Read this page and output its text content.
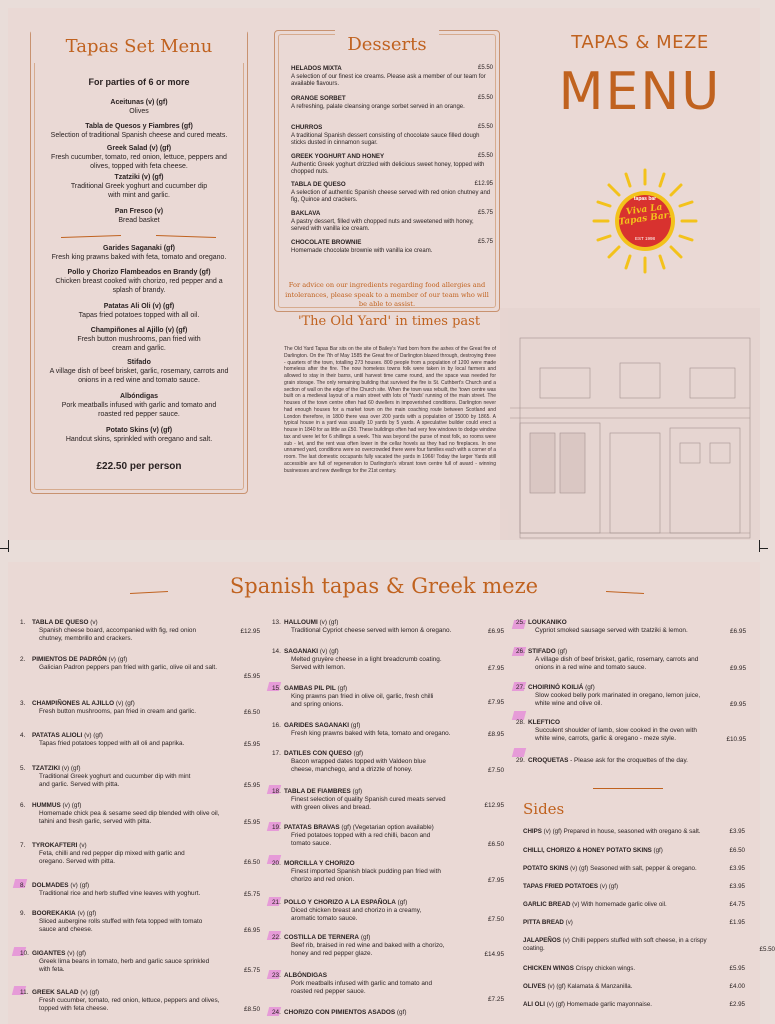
Tapas Set Menu
For parties of 6 or more
Aceitunas (v) (gf)
Olives
Tabla de Quesos y Fiambres (gf)
Selection of traditional Spanish cheese and cured meats.
Greek Salad (v) (gf)
Fresh cucumber, tomato, red onion, lettuce, peppers and olives, topped with feta cheese.
Tzatziki (v) (gf)
Traditional Greek yoghurt and cucumber dip with mint and garlic.
Pan Fresco (v)
Bread basket
Garides Saganaki (gf)
Fresh king prawns baked with feta, tomato and oregano.
Pollo y Chorizo Flambeados en Brandy (gf)
Chicken breast cooked with chorizo, red pepper and a splash of brandy.
Patatas Ali Oli (v) (gf)
Tapas fried potatoes topped with all oil.
Champiñones al Ajillo (v) (gf)
Fresh button mushrooms, pan fried with cream and garlic.
Stifado
A village dish of beef brisket, garlic, rosemary, carrots and onions in a red wine and tomato sauce.
Albóndigas
Pork meatballs infused with garlic and tomato and roasted red pepper sauce.
Potato Skins (v) (gf)
Handcut skins, sprinkled with oregano and salt.
£22.50 per person
Desserts
For advice on our ingredients regarding food allergies and intolerances, please speak to a member of our team who will be able to assist.
HELADOS MIXTA	£5.50

A selection of our finest ice creams. Please ask a member of our team for available flavours.
ORANGE SORBET	£5.50

A refreshing, palate cleansing orange sorbet served in an orange.
CHURROS	£5.50

A traditional Spanish dessert consisting of chocolate sauce filled dough sticks dusted in cinnamon sugar.
GREEK YOGHURT AND HONEY	£5.50

Authentic Greek yoghurt drizzled with delicious sweet honey, topped with chopped nuts.
TABLA DE QUESO	£12.95

A selection of authentic Spanish cheese served with red onion chutney and fig, Quince and crackers.
BAKLAVA	£5.75

A pastry dessert, filled with chopped nuts and sweetened with honey, served with vanilla ice cream.
CHOCOLATE BROWNIE	£5.75

Homemade chocolate brownie with vanilla ice cream.
'The Old Yard' in times past
The Old Yard Tapas Bar sits on the site of Bailey's Yard born from the ashes of the Great fire of Darlington. On the 7th of May 1585 the Great fire of Darlington blazed through, destroying three - quarters of the town, totalling 273 houses. 800 people from a population of 1200 were made homeless after the fire. The now homeless towns folk were taken in by local farmers and allowed to stay in their barns, until harvest time came round, and the space was needed for grain storage. The only remaining building that survived the fire is St. Cuthbert's Church and a section of wall on the edge of the Church site. When the town was rebuilt, the 'town centre was built on a medieval layout of a main street with lots of 'Yards' running of the main street. The houses of the town centre often had 60 dwellers in impoverished conditions. Darlington never had enough houses for a market town on the main coaching route between Scotland and London therefore, in 1800 there was over 200 yards with a population of 15000 by 1865. A typical house in a yard was usually 10 yards by 5 yards. A speculative builder could erect a house in 1840 for as little as £50. These buildings often had very few windows to dodge window tax and were let for 6 shillings a week. This was beyond the purse of most folk, so rooms were sub - let, and the rent was often lower in the cellar hovels as they had no fireplaces. In one unnamed yard, conditions were so overcrowded there were four families each with a corner of a room. The last domestic occupants fully vacated the yards in 1966! Today the larger Yards still accessible are full of regeneration to Darlington's vibrant town centre full of award - winning businesses and new dwellings for the 21st century.
TAPAS & MEZE
MENU
tapas bar
Viva La Tapas Bar!
EST 1998
Spanish tapas & Greek meze
1. TABLA DE QUESO (v)
£12.95
Spanish cheese board, accompanied with fig, red onion chutney, membrillo and crackers.
2. PIMIENTOS DE PADRÓN (v) (gf)
£5.95
Galician Padron peppers pan fried with garlic, olive oil and salt.
3. CHAMPIÑONES AL AJILLO (v) (gf)
£6.50
Fresh button mushrooms, pan fried in cream and garlic.
4. PATATAS ALIOLI (v) (gf)
£5.95
Tapas fried potatoes topped with all oli and paprika.
5. TZATZIKI (v) (gf)
£5.95
Traditional Greek yoghurt and cucumber dip with mint and garlic. Served with pitta.
6. HUMMUS (v) (gf)
£5.95
Homemade chick pea & sesame seed dip blended with olive oil, tahini and fresh garlic, served with pitta.
7. TYROKAFTERI (v)
£6.50
Feta, chilli and red pepper dip mixed with garlic and oregano. Served with pitta.
8. DOLMADES (v) (gf)
£5.75
Traditional rice and herb stuffed vine leaves with yoghurt.
9. BOOREKAKIA (v) (gf)
£6.95
Sliced aubergine rolls stuffed with feta topped with tomato sauce and cheese.
10. GIGANTES (v) (gf)
£5.75
Greek lima beans in tomato, herb and garlic sauce sprinkled with feta.
11. GREEK SALAD (v) (gf)
£8.50
Fresh cucumber, tomato, red onion, lettuce, peppers and olives, topped with feta cheese.
13. HALLOUMI (v) (gf)
£6.95
Traditional Cypriot cheese served with lemon & oregano.
14. SAGANAKI (v) (gf)
£7.95
Melted gruyère cheese in a light breadcrumb coating. Served with lemon.
15. GAMBAS PIL PIL (gf)
£7.95
King prawns pan fried in olive oil, garlic, fresh chilli and spring onions.
16. GARIDES SAGANAKI (gf)
£8.95
Fresh king prawns baked with feta, tomato and oregano.
17. DATILES CON QUESO (gf)
£7.50
Bacon wrapped dates topped with Valdeon blue cheese, manchego, and a drizzle of honey.
18. TABLA DE FIAMBRES (gf)
£12.95
Finest selection of quality Spanish cured meats served with green olives and bread.
19. PATATAS BRAVAS (gf) (Vegetarian option available)
£6.50
Fried potatoes topped with a red chilli, bacon and tomato sauce.
20. MORCILLA Y CHORIZO
£7.95
Finest imported Spanish black pudding pan fried with chorizo and red onion.
21. POLLO Y CHORIZO A LA ESPAÑOLA (gf)
£7.50
Diced chicken breast and chorizo in a creamy, aromatic tomato sauce.
22. COSTILLA DE TERNERA (gf)
£14.95
Beef rib, braised in red wine and baked with a chorizo, honey and red pepper glaze.
23. ALBÓNDIGAS
£7.25
Pork meatballs infused with garlic and tomato and roasted red pepper sauce.
24. CHORIZO CON PIMIENTOS ASADOS (gf)
25. LOUKANIKO
£6.95
Cypriot smoked sausage served with tzatziki & lemon.
26. STIFADO (gf)
£9.95
A village dish of beef brisket, garlic, rosemary, carrots and onions in a red wine and tomato sauce.
27. CHOIRINÓ KOILIÁ (gf)
£9.95
Slow cooked belly pork marinated in oregano, lemon juice, white wine and olive oil.
28. KLEFTICO
£10.95
Succulent shoulder of lamb, slow cooked in the oven with white wine, carrots, garlic & oregano - meze style.
29. CROQUETAS - Please ask for the croquettes of the day.
Sides
CHIPS (v) (gf) Prepared in house, seasoned with oregano & salt.	£3.95
CHILLI, CHORIZO & HONEY POTATO SKINS (gf)	£6.50
POTATO SKINS (v) (gf) Seasoned with salt, pepper & oregano.	£3.95
TAPAS FRIED POTATOES (v) (gf)	£3.95
GARLIC BREAD (v) With homemade garlic olive oil.	£4.75
PITTA BREAD (v)	£1.95
JALAPEÑOS (v) Chilli peppers stuffed with soft cheese, in a crispy coating.	£5.50
CHICKEN WINGS Crispy chicken wings.	£5.95
OLIVES (v) (gf) Kalamata & Manzanilla.	£4.00
ALI OLI (v) (gf) Homemade garlic mayonnaise.	£2.95
